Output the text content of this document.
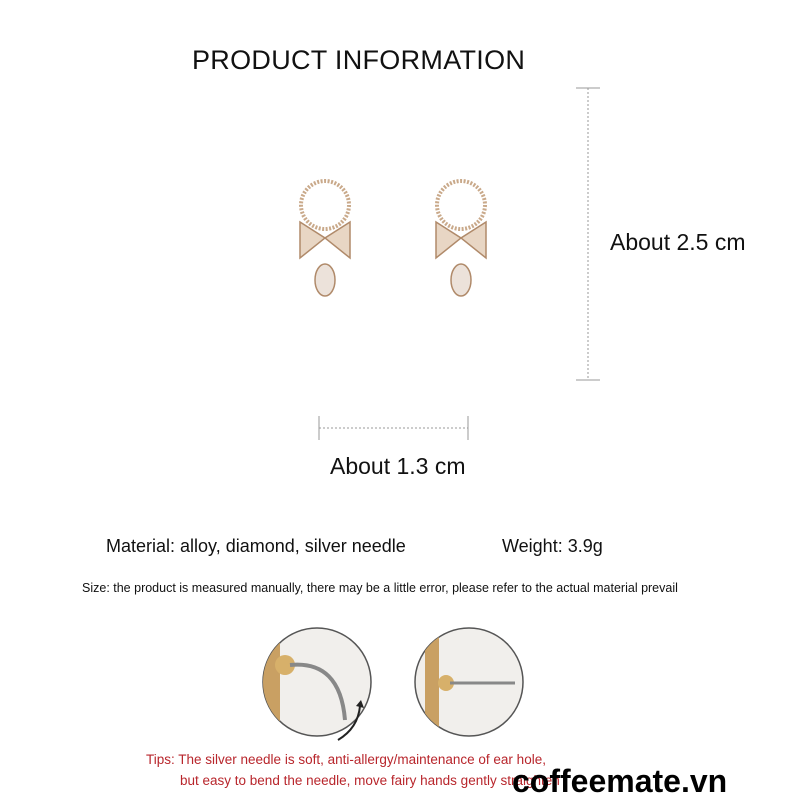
PRODUCT INFORMATION
About 2.5 cm
About 1.3 cm
Material: alloy, diamond, silver needle	Weight: 3.9g
Size: the product is measured manually, there may be a little error, please refer to the actual material prevail
Tips: The silver needle is soft, anti-allergy/maintenance of ear hole,
but easy to bend the needle, move fairy hands gently straighten
coffeemate.vn
